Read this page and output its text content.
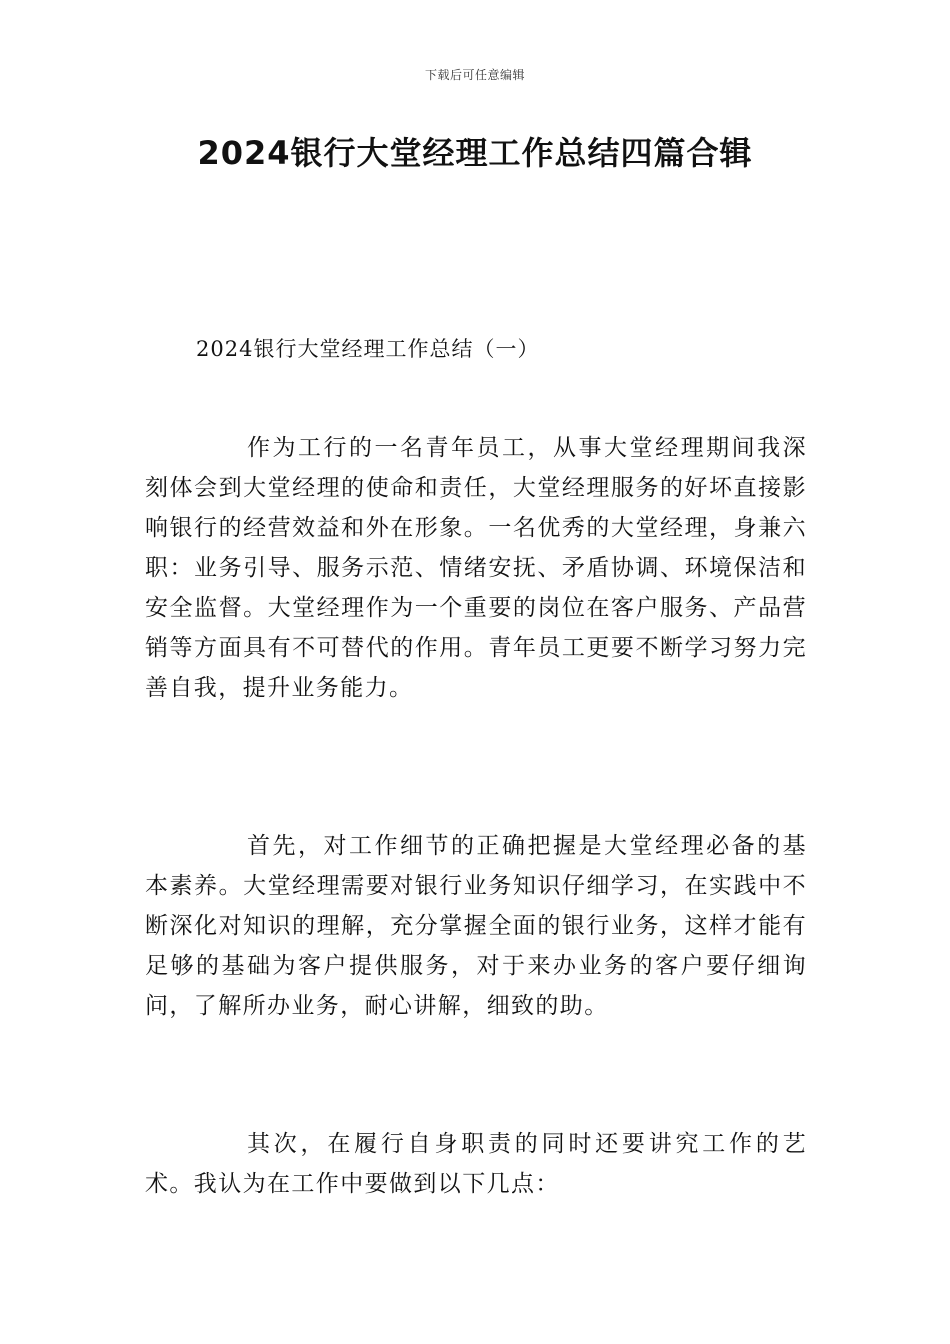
下载后可任意编辑
2024银行大堂经理工作总结四篇合辑
2024银行大堂经理工作总结（一）

作为工行的一名青年员工，从事大堂经理期间我深刻体会到大堂经理的使命和责任，大堂经理服务的好坏直接影响银行的经营效益和外在形象。一名优秀的大堂经理，身兼六职：业务引导、服务示范、情绪安抚、矛盾协调、环境保洁和安全监督。大堂经理作为一个重要的岗位在客户服务、产品营销等方面具有不可替代的作用。青年员工更要不断学习努力完善自我，提升业务能力。

首先，对工作细节的正确把握是大堂经理必备的基本素养。大堂经理需要对银行业务知识仔细学习，在实践中不断深化对知识的理解，充分掌握全面的银行业务，这样才能有足够的基础为客户提供服务，对于来办业务的客户要仔细询问，了解所办业务，耐心讲解，细致的助。

其次，在履行自身职责的同时还要讲究工作的艺术。我认为在工作中要做到以下几点：
